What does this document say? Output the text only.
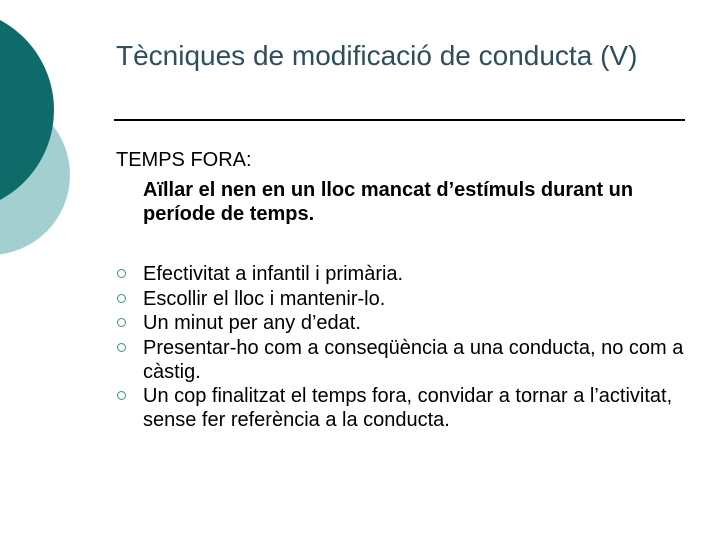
Tècniques de modificació de conducta (V)
TEMPS FORA:
Aïllar el nen en un lloc mancat d’estímuls durant un període de temps.
Efectivitat a infantil i primària.
Escollir el lloc i mantenir-lo.
Un minut per any d’edat.
Presentar-ho com a conseqüència a una conducta, no com a càstig.
Un cop finalitzat el temps fora, convidar a tornar a l’activitat, sense fer referència a la conducta.
